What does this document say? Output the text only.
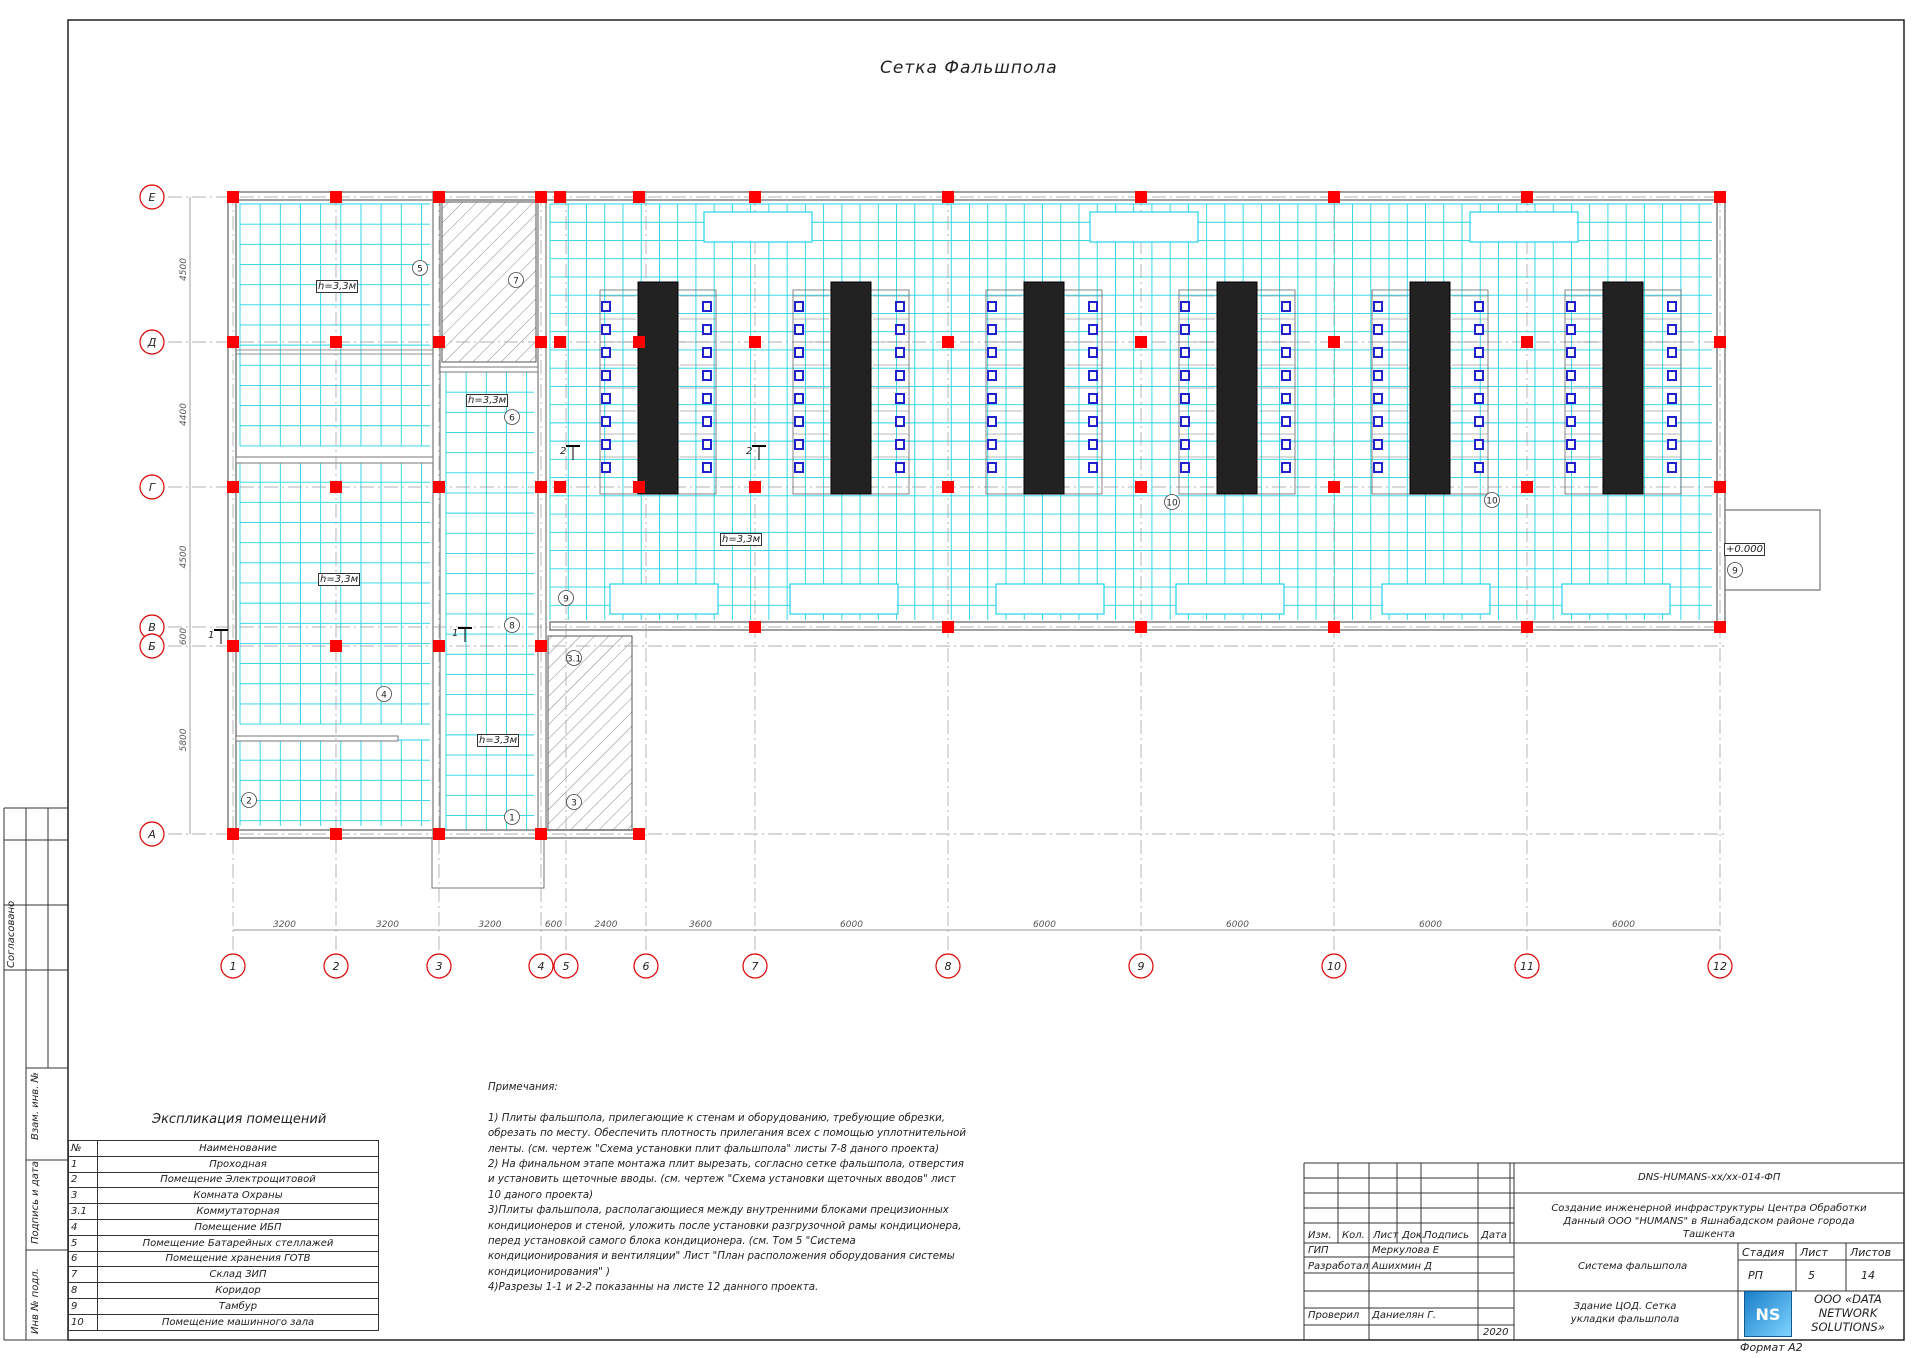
Сетка Фальшпола
Е
Д
Г
В
Б
А
1	2	3	4 5	6	7	8	9	10	11	12
4500
4400
4500
600
5800
3200	3200	3200	600	2400	3600	6000	6000	6000	6000	6000
1
2	3
3.1
4
5
6
7
8
9
9
10	10
1	1
2	2
h=3,3м
h=3,3м
h=3,3м
h=3,3м
h=3,3м
+0.000

Примечания:

1) Плиты фальшпола, прилегающие к стенам и оборудованию, требующие обрезки, обрезать по месту. Обеспечить плотность прилегания всех с помощью уплотнительной ленты. (см. чертеж "Схема установки плит фальшпола" листы 7-8 даного проекта)

2) На финальном этапе монтажа плит вырезать, согласно сетке фальшпола, отверстия и установить щеточные вводы. (см. чертеж "Схема установки щеточных вводов" лист 10 даного проекта)

3)Плиты фальшпола, располагающиеся между внутренними блоками прецизионных кондиционеров и стеной, уложить после установки разгрузочной рамы кондиционера, перед установкой самого блока кондиционера. (см. Том 5 "Система кондиционирования и вентиляции" Лист "План расположения оборудования системы кондиционирования" )

4)Разрезы 1-1 и 2-2 показанны на листе 12 данного проекта.

Экспликация помещений
№	Наименование
1	Проходная
2	Помещение Электрощитовой
3	Комната Охраны
3.1	Коммутаторная
4	Помещение ИБП
5	Помещение Батарейных стеллажей
6	Помещение хранения ГОТВ
7	Склад ЗИП
8	Коридор
9	Тамбур
10	Помещение машинного зала
Согласовано
Взам. инв. №
Подпись и дата
Инв № подл.
DNS-HUMANS-xx/xx-014-ФП
Создание инженерной инфраструктуры Центра Обработки Данный ООО "HUMANS" в Яшнабадском районе города Ташкента
Изм. Кол. Лист Док.
Подпись Дата
ГИП	Меркулова Е
Разработал Ашихмин Д
Проверил Даниелян Г.
2020
Система фальшпола
Здание ЦОД. Сетка укладки фальшпола
Стадия Лист Листов
РП	5	14
ООО «DATA NETWORK SOLUTIONS»
NS
Формат А2
